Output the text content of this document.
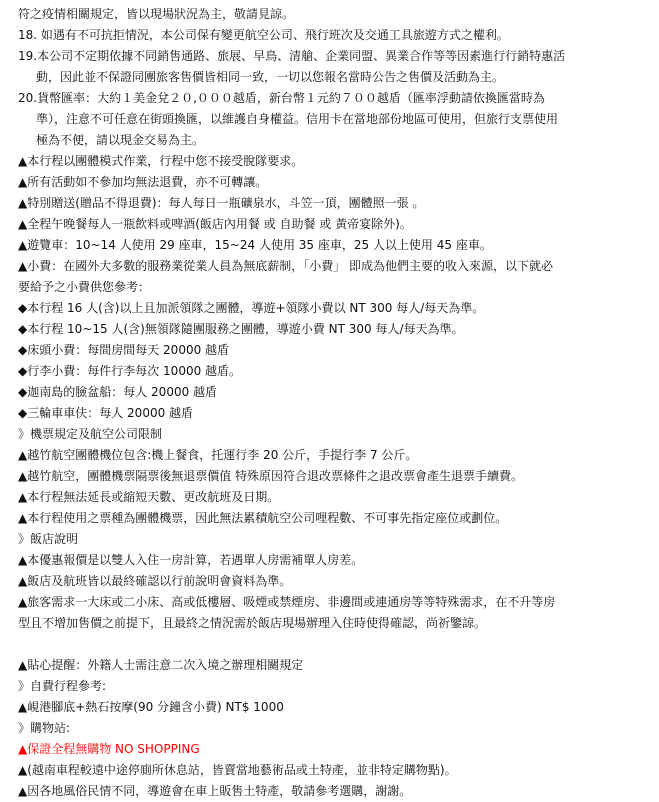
符之疫情相關規定，皆以現場狀況為主，敬請見諒。

18. 如遇有不可抗拒情況，本公司保有變更航空公司、飛行班次及交通工具旅遊方式之權利。

19.本公司不定期依據不同銷售通路、旅展、早鳥、清艙、企業同盟、異業合作等等因素進行行銷特惠活

動，因此並不保證同團旅客售價皆相同一致，一切以您報名當時公告之售價及活動為主。

20.貨幣匯率：大約１美金兌２０,０００越盾，新台幣１元約７００越盾（匯率浮動請依換匯當時為

準），注意不可任意在街頭換匯，以維護自身權益。信用卡在當地部份地區可使用，但旅行支票使用

極為不便，請以現金交易為主。

▲本行程以團體模式作業，行程中您不接受脫隊要求。

▲所有活動如不參加均無法退費，亦不可轉讓。

▲特別贈送(贈品不得退費)：每人每日一瓶礦泉水，斗笠一頂，團體照一張 。

▲全程午晚餐每人一瓶飲料或啤酒(飯店內用餐 或 自助餐 或 黃帝宴除外)。

▲遊覽車：10~14 人使用 29 座車，15~24 人使用 35 座車，25 人以上使用 45 座車。

▲小費：在國外大多數的服務業從業人員為無底薪制，「小費」 即成為他們主要的收入來源，以下就必

要給予之小費供您參考：

◆本行程 16 人(含)以上且加派領隊之團體，導遊+領隊小費以 NT 300 每人/每天為準。

◆本行程 10~15 人(含)無領隊隨團服務之團體，導遊小費 NT 300 每人/每天為準。

◆床頭小費：每間房間每天 20000 越盾

◆行李小費：每件行李每次 10000 越盾。

◆迦南島的臉盆船：每人 20000 越盾

◆三輪車車伕：每人 20000 越盾

》機票規定及航空公司限制

▲越竹航空團體機位包含:機上餐食，托運行李 20 公斤，手提行李 7 公斤。

▲越竹航空，團體機票隔票後無退票價值 特殊原因符合退改票條件之退改票會產生退票手續費。

▲本行程無法延長或縮短天數、更改航班及日期。

▲本行程使用之票種為團體機票，因此無法累積航空公司哩程數、不可事先指定座位或劃位。

》飯店說明

▲本優惠報價是以雙人入住一房計算，若遇單人房需補單人房差。

▲飯店及航班皆以最終確認以行前說明會資料為準。

▲旅客需求一大床或二小床、高或低樓層、吸煙或禁煙房、非邊間或連通房等等特殊需求，在不升等房

型且不增加售價之前提下，且最終之情況需於飯店現場辦理入住時使得確認，尚祈鑒諒。

▲貼心提醒：外籍人士需注意二次入境之辦理相關規定

》自費行程參考:

▲峴港腳底+熱石按摩(90 分鐘含小費) NT$ 1000

》購物站:

▲保證全程無購物 NO SHOPPING

▲(越南車程較遠中途停廁所休息站，皆賣當地藝術品或土特產，並非特定購物點)。

▲因各地風俗民情不同，導遊會在車上販售土特產，敬請參考選購，謝謝。
